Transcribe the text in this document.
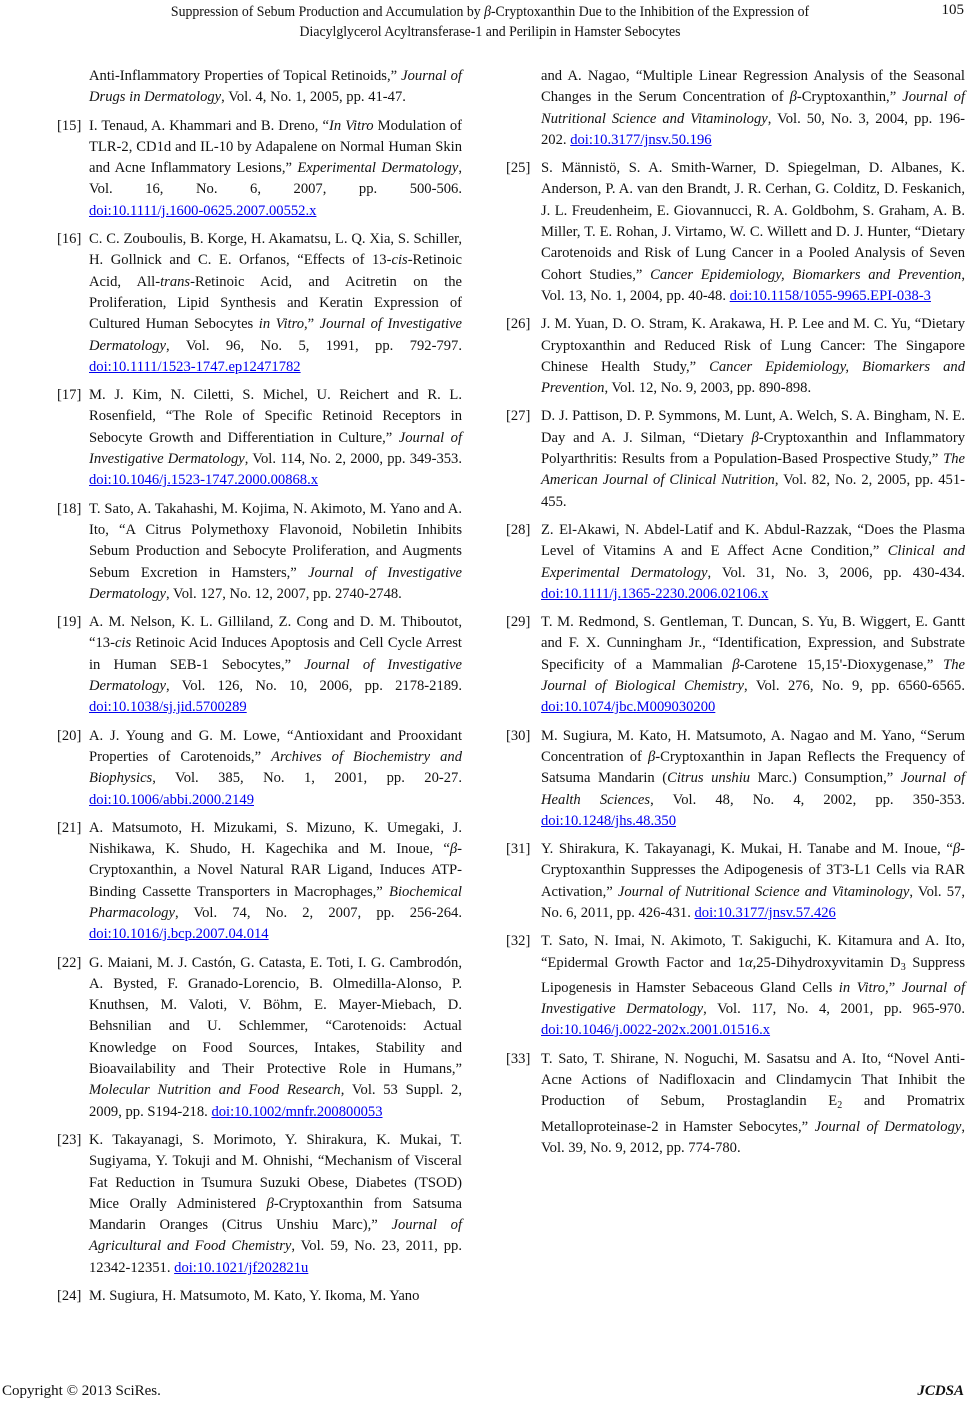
Suppression of Sebum Production and Accumulation by β-Cryptoxanthin Due to the Inhibition of the Expression of
Diacylglycerol Acyltransferase-1 and Perilipin in Hamster Sebocytes
105
Anti-Inflammatory Properties of Topical Retinoids,” Journal of Drugs in Dermatology, Vol. 4, No. 1, 2005, pp. 41-47.
[15] I. Tenaud, A. Khammari and B. Dreno, “In Vitro Modulation of TLR-2, CD1d and IL-10 by Adapalene on Normal Human Skin and Acne Inflammatory Lesions,” Experimental Dermatology, Vol. 16, No. 6, 2007, pp. 500-506. doi:10.1111/j.1600-0625.2007.00552.x
[16] C. C. Zouboulis, B. Korge, H. Akamatsu, L. Q. Xia, S. Schiller, H. Gollnick and C. E. Orfanos, “Effects of 13-cis-Retinoic Acid, All-trans-Retinoic Acid, and Acitretin on the Proliferation, Lipid Synthesis and Keratin Expression of Cultured Human Sebocytes in Vitro,” Journal of Investigative Dermatology, Vol. 96, No. 5, 1991, pp. 792-797. doi:10.1111/1523-1747.ep12471782
[17] M. J. Kim, N. Ciletti, S. Michel, U. Reichert and R. L. Rosenfield, “The Role of Specific Retinoid Receptors in Sebocyte Growth and Differentiation in Culture,” Journal of Investigative Dermatology, Vol. 114, No. 2, 2000, pp. 349-353. doi:10.1046/j.1523-1747.2000.00868.x
[18] T. Sato, A. Takahashi, M. Kojima, N. Akimoto, M. Yano and A. Ito, “A Citrus Polymethoxy Flavonoid, Nobiletin Inhibits Sebum Production and Sebocyte Proliferation, and Augments Sebum Excretion in Hamsters,” Journal of Investigative Dermatology, Vol. 127, No. 12, 2007, pp. 2740-2748.
[19] A. M. Nelson, K. L. Gilliland, Z. Cong and D. M. Thiboutot, “13-cis Retinoic Acid Induces Apoptosis and Cell Cycle Arrest in Human SEB-1 Sebocytes,” Journal of Investigative Dermatology, Vol. 126, No. 10, 2006, pp. 2178-2189. doi:10.1038/sj.jid.5700289
[20] A. J. Young and G. M. Lowe, “Antioxidant and Prooxidant Properties of Carotenoids,” Archives of Biochemistry and Biophysics, Vol. 385, No. 1, 2001, pp. 20-27. doi:10.1006/abbi.2000.2149
[21] A. Matsumoto, H. Mizukami, S. Mizuno, K. Umegaki, J. Nishikawa, K. Shudo, H. Kagechika and M. Inoue, “β-Cryptoxanthin, a Novel Natural RAR Ligand, Induces ATP-Binding Cassette Transporters in Macrophages,” Biochemical Pharmacology, Vol. 74, No. 2, 2007, pp. 256-264. doi:10.1016/j.bcp.2007.04.014
[22] G. Maiani, M. J. Castón, G. Catasta, E. Toti, I. G. Cambrodón, A. Bysted, F. Granado-Lorencio, B. Olmedilla-Alonso, P. Knuthsen, M. Valoti, V. Böhm, E. Mayer-Miebach, D. Behsnilian and U. Schlemmer, “Carotenoids: Actual Knowledge on Food Sources, Intakes, Stability and Bioavailability and Their Protective Role in Humans,” Molecular Nutrition and Food Research, Vol. 53 Suppl. 2, 2009, pp. S194-218. doi:10.1002/mnfr.200800053
[23] K. Takayanagi, S. Morimoto, Y. Shirakura, K. Mukai, T. Sugiyama, Y. Tokuji and M. Ohnishi, “Mechanism of Visceral Fat Reduction in Tsumura Suzuki Obese, Diabetes (TSOD) Mice Orally Administered β-Cryptoxanthin from Satsuma Mandarin Oranges (Citrus Unshiu Marc),” Journal of Agricultural and Food Chemistry, Vol. 59, No. 23, 2011, pp. 12342-12351. doi:10.1021/jf202821u
[24] M. Sugiura, H. Matsumoto, M. Kato, Y. Ikoma, M. Yano
and A. Nagao, “Multiple Linear Regression Analysis of the Seasonal Changes in the Serum Concentration of β-Cryptoxanthin,” Journal of Nutritional Science and Vitaminology, Vol. 50, No. 3, 2004, pp. 196-202. doi:10.3177/jnsv.50.196
[25] S. Männistö, S. A. Smith-Warner, D. Spiegelman, D. Albanes, K. Anderson, P. A. van den Brandt, J. R. Cerhan, G. Colditz, D. Feskanich, J. L. Freudenheim, E. Giovannucci, R. A. Goldbohm, S. Graham, A. B. Miller, T. E. Rohan, J. Virtamo, W. C. Willett and D. J. Hunter, “Dietary Carotenoids and Risk of Lung Cancer in a Pooled Analysis of Seven Cohort Studies,” Cancer Epidemiology, Biomarkers and Prevention, Vol. 13, No. 1, 2004, pp. 40-48. doi:10.1158/1055-9965.EPI-038-3
[26] J. M. Yuan, D. O. Stram, K. Arakawa, H. P. Lee and M. C. Yu, “Dietary Cryptoxanthin and Reduced Risk of Lung Cancer: The Singapore Chinese Health Study,” Cancer Epidemiology, Biomarkers and Prevention, Vol. 12, No. 9, 2003, pp. 890-898.
[27] D. J. Pattison, D. P. Symmons, M. Lunt, A. Welch, S. A. Bingham, N. E. Day and A. J. Silman, “Dietary β-Cryptoxanthin and Inflammatory Polyarthritis: Results from a Population-Based Prospective Study,” The American Journal of Clinical Nutrition, Vol. 82, No. 2, 2005, pp. 451-455.
[28] Z. El-Akawi, N. Abdel-Latif and K. Abdul-Razzak, “Does the Plasma Level of Vitamins A and E Affect Acne Condition,” Clinical and Experimental Dermatology, Vol. 31, No. 3, 2006, pp. 430-434. doi:10.1111/j.1365-2230.2006.02106.x
[29] T. M. Redmond, S. Gentleman, T. Duncan, S. Yu, B. Wiggert, E. Gantt and F. X. Cunningham Jr., “Identification, Expression, and Substrate Specificity of a Mammalian β-Carotene 15,15'-Dioxygenase,” The Journal of Biological Chemistry, Vol. 276, No. 9, pp. 6560-6565. doi:10.1074/jbc.M009030200
[30] M. Sugiura, M. Kato, H. Matsumoto, A. Nagao and M. Yano, “Serum Concentration of β-Cryptoxanthin in Japan Reflects the Frequency of Satsuma Mandarin (Citrus unshiu Marc.) Consumption,” Journal of Health Sciences, Vol. 48, No. 4, 2002, pp. 350-353. doi:10.1248/jhs.48.350
[31] Y. Shirakura, K. Takayanagi, K. Mukai, H. Tanabe and M. Inoue, “β-Cryptoxanthin Suppresses the Adipogenesis of 3T3-L1 Cells via RAR Activation,” Journal of Nutritional Science and Vitaminology, Vol. 57, No. 6, 2011, pp. 426-431. doi:10.3177/jnsv.57.426
[32] T. Sato, N. Imai, N. Akimoto, T. Sakiguchi, K. Kitamura and A. Ito, “Epidermal Growth Factor and 1α,25-Dihydroxyvitamin $D_3$ Suppress Lipogenesis in Hamster Sebaceous Gland Cells in Vitro,” Journal of Investigative Dermatology, Vol. 117, No. 4, 2001, pp. 965-970. doi:10.1046/j.0022-202x.2001.01516.x
[33] T. Sato, T. Shirane, N. Noguchi, M. Sasatsu and A. Ito, “Novel Anti-Acne Actions of Nadifloxacin and Clindamycin That Inhibit the Production of Sebum, Prostaglandin $E_2$ and Promatrix Metalloproteinase-2 in Hamster Sebocytes,” Journal of Dermatology, Vol. 39, No. 9, 2012, pp. 774-780.
Copyright © 2013 SciRes.	JCDSA
